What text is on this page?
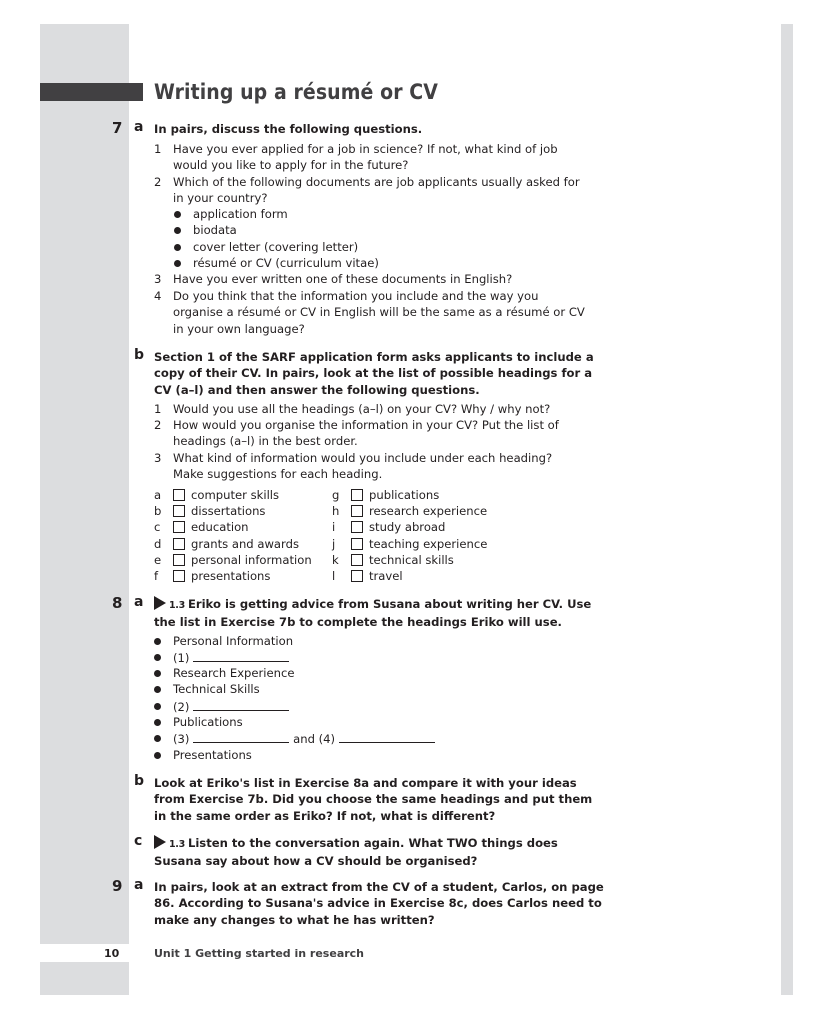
Writing up a résumé or CV
7 a In pairs, discuss the following questions.
1 Have you ever applied for a job in science? If not, what kind of job would you like to apply for in the future?
2 Which of the following documents are job applicants usually asked for in your country?
application form
biodata
cover letter (covering letter)
résumé or CV (curriculum vitae)
3 Have you ever written one of these documents in English?
4 Do you think that the information you include and the way you organise a résumé or CV in English will be the same as a résumé or CV in your own language?
b Section 1 of the SARF application form asks applicants to include a copy of their CV. In pairs, look at the list of possible headings for a CV (a–l) and then answer the following questions.
1 Would you use all the headings (a–l) on your CV? Why / why not?
2 How would you organise the information in your CV? Put the list of headings (a–l) in the best order.
3 What kind of information would you include under each heading? Make suggestions for each heading.
a	computer skills
b	dissertations
c	education
d	grants and awards
e	personal information
f	presentations
g	publications
h	research experience
i	study abroad
j	teaching experience
k	technical skills
l	travel
8 a	1.3 Eriko is getting advice from Susana about writing her CV. Use the list in Exercise 7b to complete the headings Eriko will use.
Personal Information
(1)
Research Experience
Technical Skills
(2)
Publications
(3)	and (4)
Presentations
b Look at Eriko's list in Exercise 8a and compare it with your ideas from Exercise 7b. Did you choose the same headings and put them in the same order as Eriko? If not, what is different?
c	1.3 Listen to the conversation again. What TWO things does Susana say about how a CV should be organised?
9 a In pairs, look at an extract from the CV of a student, Carlos, on page 86. According to Susana's advice in Exercise 8c, does Carlos need to make any changes to what he has written?
10	Unit 1 Getting started in research
